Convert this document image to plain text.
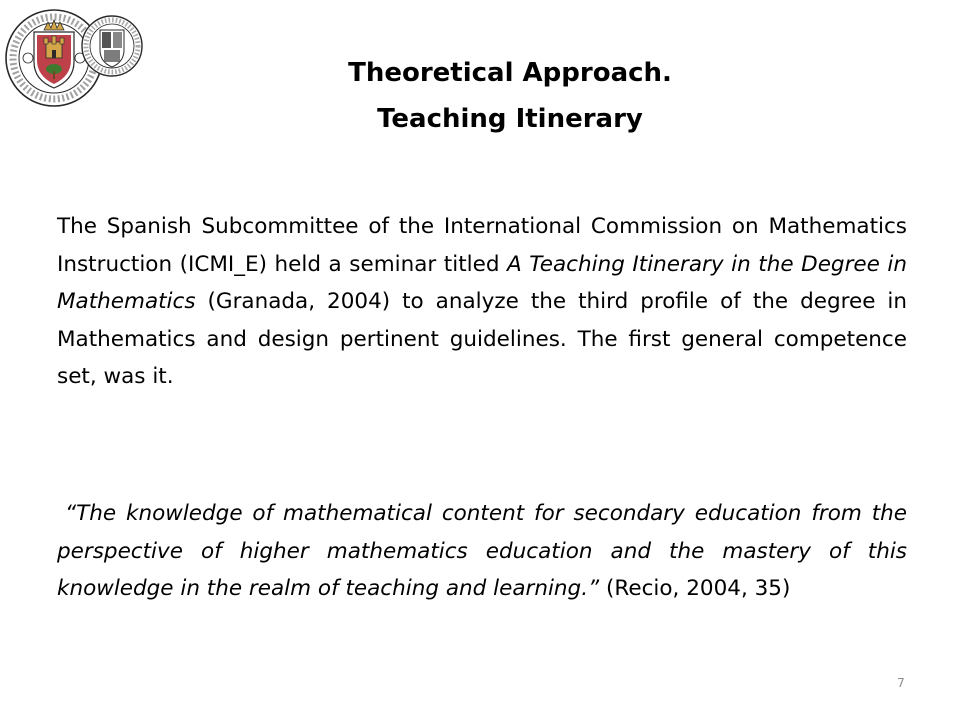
Theoretical Approach.
Teaching Itinerary

The Spanish Subcommittee of the International Commission on Mathematics Instruction (ICMI_E) held a seminar titled A Teaching Itinerary in the Degree in Mathematics (Granada, 2004) to analyze the third profile of the degree in Mathematics and design pertinent guidelines. The first general competence set, was it.

“The knowledge of mathematical content for secondary education from the perspective of higher mathematics education and the mastery of this knowledge in the realm of teaching and learning.” (Recio, 2004, 35)

7
